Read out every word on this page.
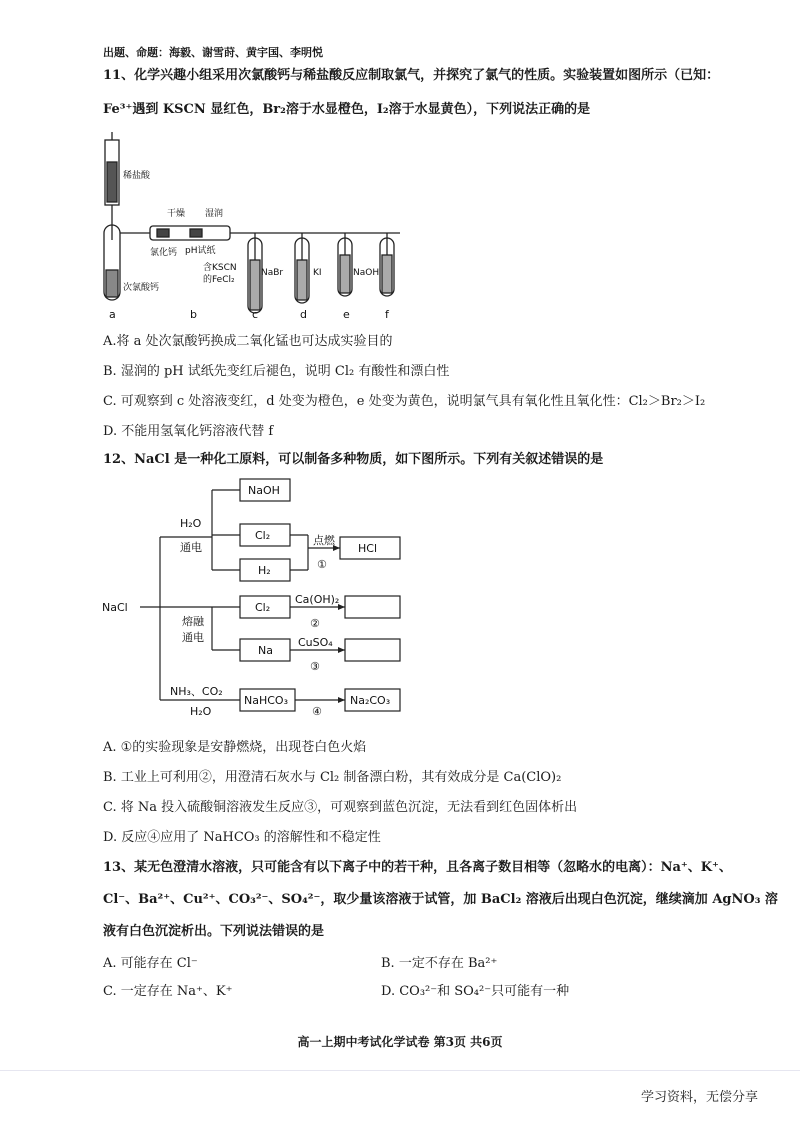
出题、命题：海毅、谢雪莳、黄宇国、李明悦
11、化学兴趣小组采用次氯酸钙与稀盐酸反应制取氯气，并探究了氯气的性质。实验装置如图所示（已知：
Fe³⁺遇到 KSCN 显红色，Br₂溶于水显橙色，I₂溶于水显黄色），下列说法正确的是
稀盐酸
干燥 湿润
氯化钙 pH试纸
含KSCN
的FeCl₂
NaBr	KI	NaOH
次氯酸钙
a	b	c	d	e	f
A.将 a 处次氯酸钙换成二氧化锰也可达成实验目的
B. 湿润的 pH 试纸先变红后褪色，说明 Cl₂ 有酸性和漂白性
C. 可观察到 c 处溶液变红，d 处变为橙色，e 处变为黄色，说明氯气具有氧化性且氧化性：Cl₂＞Br₂＞I₂
D. 不能用氢氧化钙溶液代替 f
12、NaCl 是一种化工原料，可以制备多种物质，如下图所示。下列有关叙述错误的是
NaCl
H₂O
通电
熔融
通电
NaOH
Cl₂
H₂
点燃
①
HCl
Cl₂
Ca(OH)₂
②
Na
CuSO₄
③
NH₃、CO₂
H₂O
NaHCO₃
④
Na₂CO₃
A. ①的实验现象是安静燃烧，出现苍白色火焰
B. 工业上可利用②，用澄清石灰水与 Cl₂ 制备漂白粉，其有效成分是 Ca(ClO)₂
C. 将 Na 投入硫酸铜溶液发生反应③，可观察到蓝色沉淀，无法看到红色固体析出
D. 反应④应用了 NaHCO₃ 的溶解性和不稳定性
13、某无色澄清水溶液，只可能含有以下离子中的若干种，且各离子数目相等（忽略水的电离）：Na⁺、K⁺、
Cl⁻、Ba²⁺、Cu²⁺、CO₃²⁻、SO₄²⁻，取少量该溶液于试管，加 BaCl₂ 溶液后出现白色沉淀，继续滴加 AgNO₃ 溶
液有白色沉淀析出。下列说法错误的是
A. 可能存在 Cl⁻	B. 一定不存在 Ba²⁺
C. 一定存在 Na⁺、K⁺	D. CO₃²⁻和 SO₄²⁻只可能有一种
高一上期中考试化学试卷 第3页 共6页
学习资料，无偿分享
